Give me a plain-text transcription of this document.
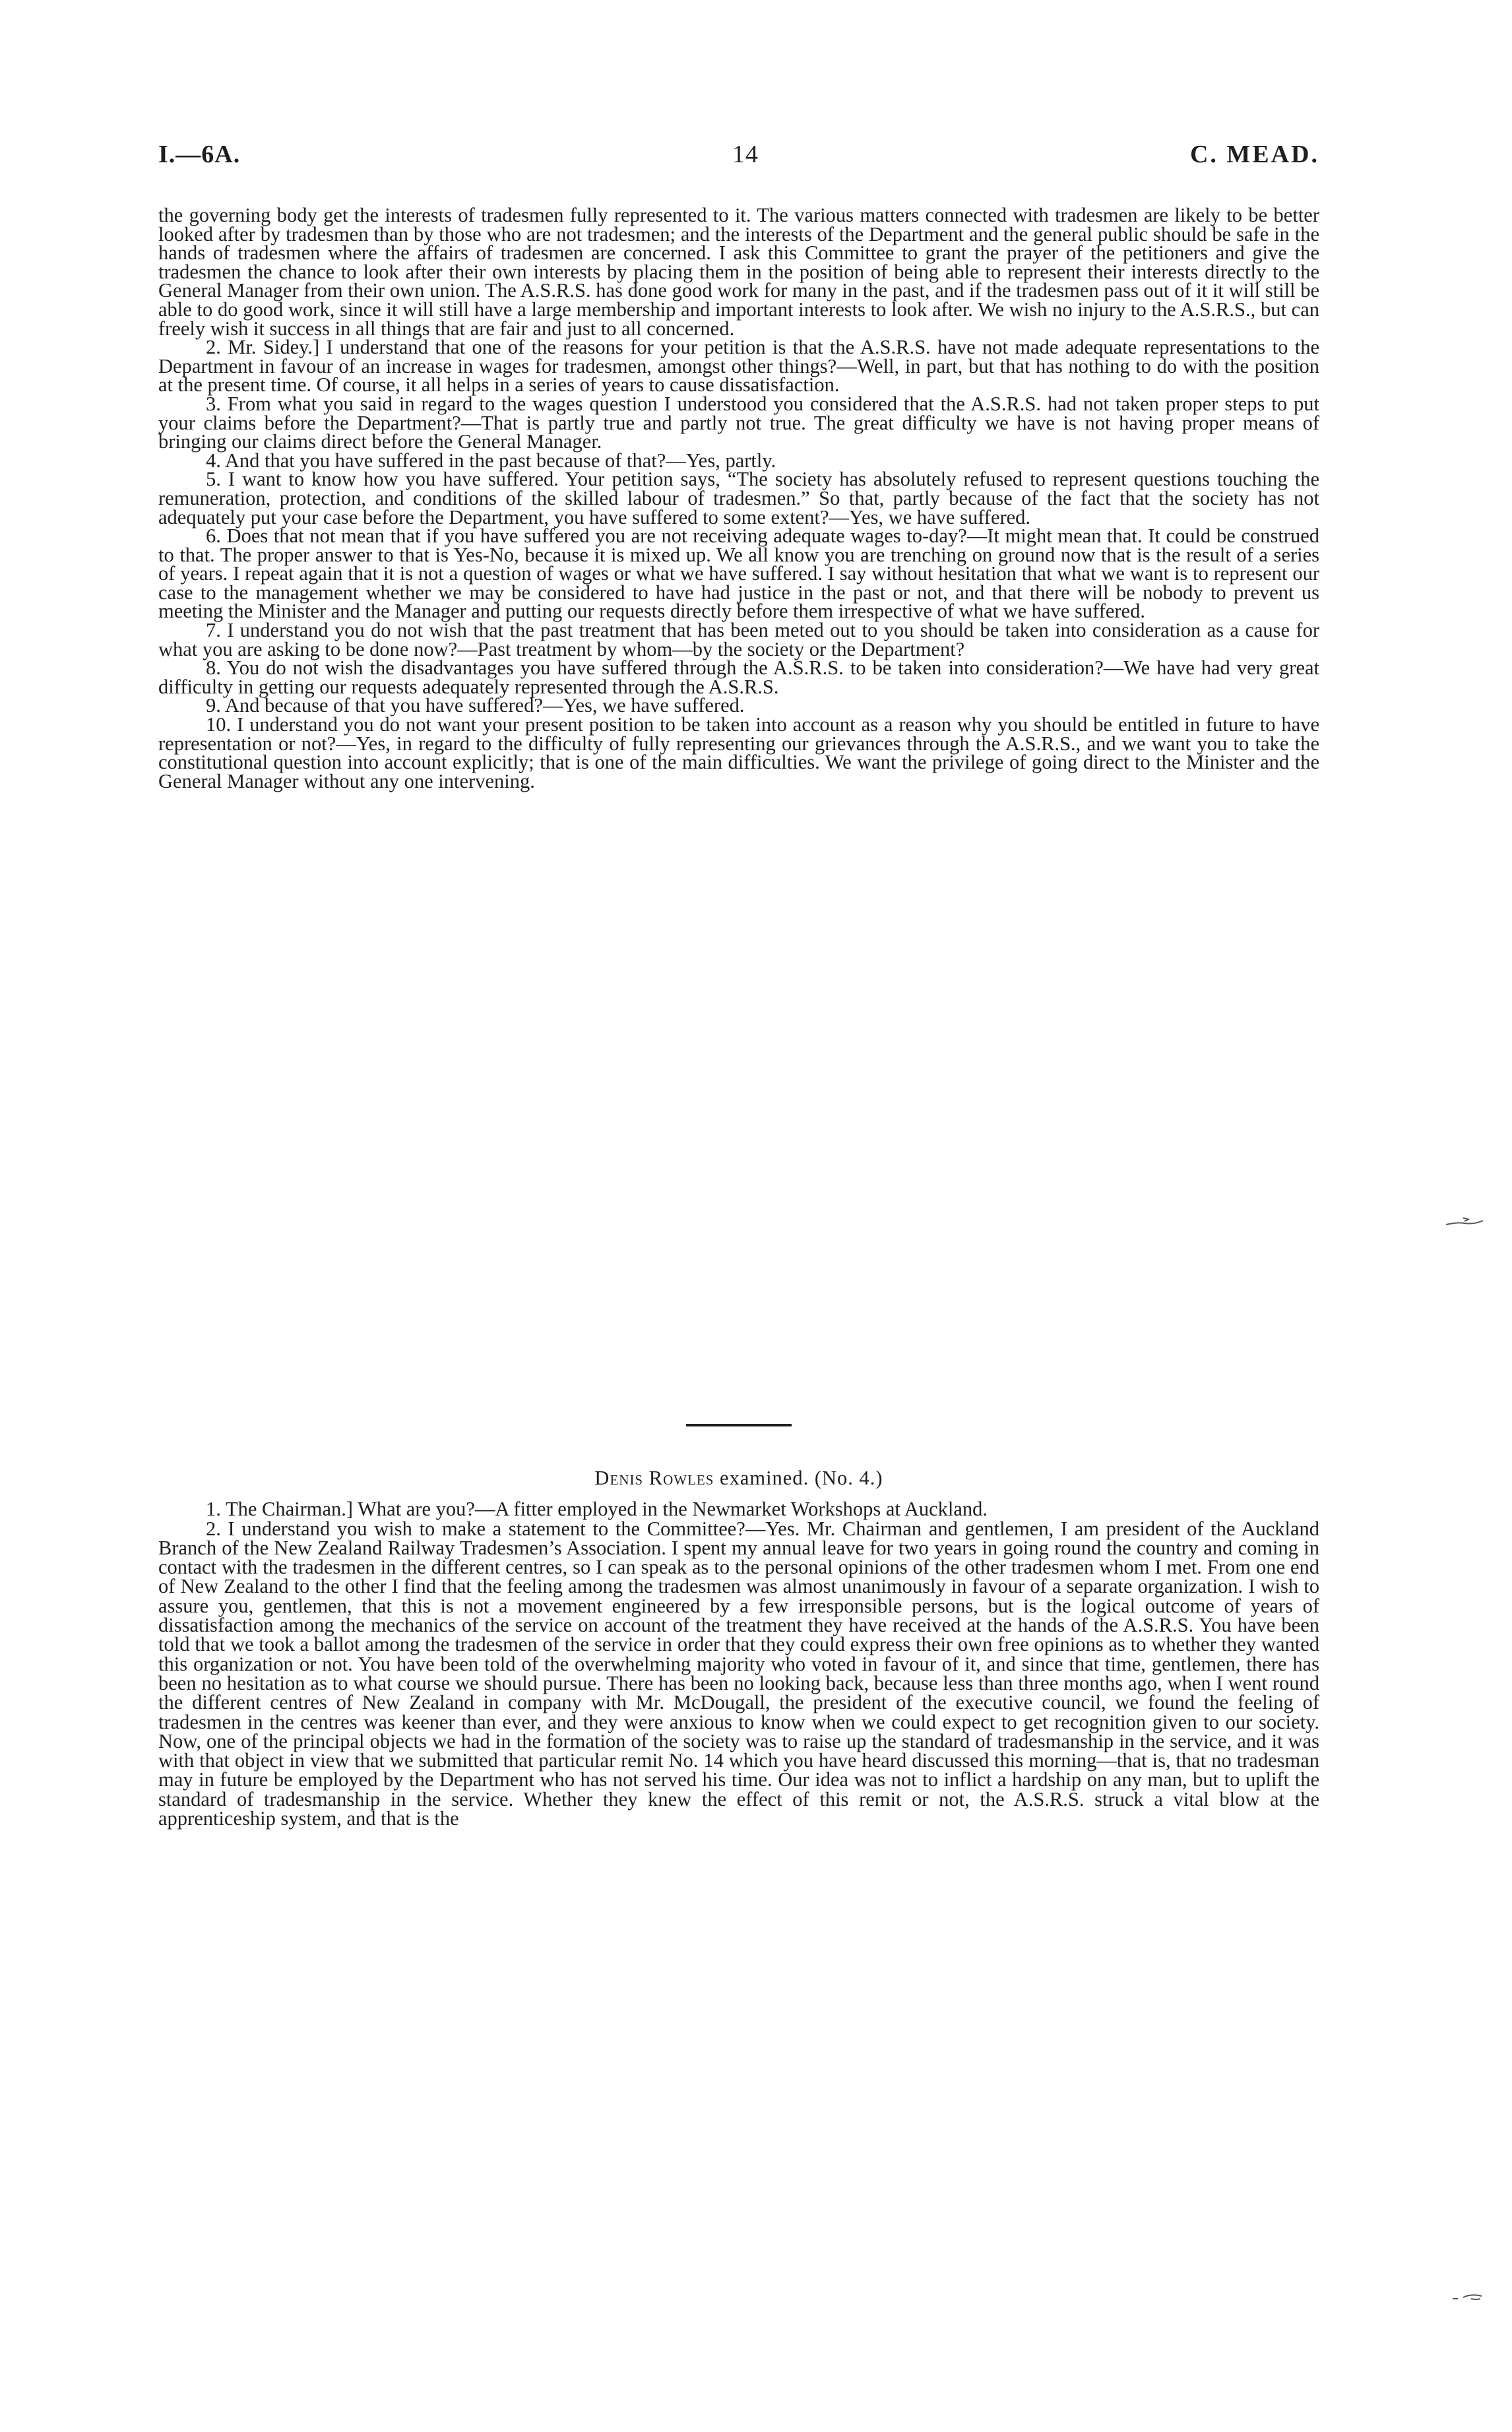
I.—6A.	14	C. MEAD.

the governing body get the interests of tradesmen fully represented to it. The various matters connected with tradesmen are likely to be better looked after by tradesmen than by those who are not tradesmen; and the interests of the Department and the general public should be safe in the hands of tradesmen where the affairs of tradesmen are concerned. I ask this Committee to grant the prayer of the petitioners and give the tradesmen the chance to look after their own interests by placing them in the position of being able to represent their interests directly to the General Manager from their own union. The A.S.R.S. has done good work for many in the past, and if the tradesmen pass out of it it will still be able to do good work, since it will still have a large membership and important interests to look after. We wish no injury to the A.S.R.S., but can freely wish it success in all things that are fair and just to all concerned.

2. Mr. Sidey.] I understand that one of the reasons for your petition is that the A.S.R.S. have not made adequate representations to the Department in favour of an increase in wages for tradesmen, amongst other things?—Well, in part, but that has nothing to do with the position at the present time. Of course, it all helps in a series of years to cause dissatisfaction.

3. From what you said in regard to the wages question I understood you considered that the A.S.R.S. had not taken proper steps to put your claims before the Department?—That is partly true and partly not true. The great difficulty we have is not having proper means of bringing our claims direct before the General Manager.

4. And that you have suffered in the past because of that?—Yes, partly.

5. I want to know how you have suffered. Your petition says, “The society has absolutely refused to represent questions touching the remuneration, protection, and conditions of the skilled labour of tradesmen.” So that, partly because of the fact that the society has not adequately put your case before the Department, you have suffered to some extent?—Yes, we have suffered.

6. Does that not mean that if you have suffered you are not receiving adequate wages to-day?—It might mean that. It could be construed to that. The proper answer to that is Yes-No, because it is mixed up. We all know you are trenching on ground now that is the result of a series of years. I repeat again that it is not a question of wages or what we have suffered. I say without hesitation that what we want is to represent our case to the management whether we may be considered to have had justice in the past or not, and that there will be nobody to prevent us meeting the Minister and the Manager and putting our requests directly before them irrespective of what we have suffered.

7. I understand you do not wish that the past treatment that has been meted out to you should be taken into consideration as a cause for what you are asking to be done now?—Past treatment by whom—by the society or the Department?

8. You do not wish the disadvantages you have suffered through the A.S.R.S. to be taken into consideration?—We have had very great difficulty in getting our requests adequately represented through the A.S.R.S.

9. And because of that you have suffered?—Yes, we have suffered.

10. I understand you do not want your present position to be taken into account as a reason why you should be entitled in future to have representation or not?—Yes, in regard to the difficulty of fully representing our grievances through the A.S.R.S., and we want you to take the constitutional question into account explicitly; that is one of the main difficulties. We want the privilege of going direct to the Minister and the General Manager without any one intervening.

Denis Rowles examined. (No. 4.)

1. The Chairman.] What are you?—A fitter employed in the Newmarket Workshops at Auckland.

2. I understand you wish to make a statement to the Committee?—Yes. Mr. Chairman and gentlemen, I am president of the Auckland Branch of the New Zealand Railway Tradesmen’s Association. I spent my annual leave for two years in going round the country and coming in contact with the tradesmen in the different centres, so I can speak as to the personal opinions of the other tradesmen whom I met. From one end of New Zealand to the other I find that the feeling among the tradesmen was almost unanimously in favour of a separate organization. I wish to assure you, gentlemen, that this is not a movement engineered by a few irresponsible persons, but is the logical outcome of years of dissatisfaction among the mechanics of the service on account of the treatment they have received at the hands of the A.S.R.S. You have been told that we took a ballot among the tradesmen of the service in order that they could express their own free opinions as to whether they wanted this organization or not. You have been told of the overwhelming majority who voted in favour of it, and since that time, gentlemen, there has been no hesitation as to what course we should pursue. There has been no looking back, because less than three months ago, when I went round the different centres of New Zealand in company with Mr. McDougall, the president of the executive council, we found the feeling of tradesmen in the centres was keener than ever, and they were anxious to know when we could expect to get recognition given to our society. Now, one of the principal objects we had in the formation of the society was to raise up the standard of tradesmanship in the service, and it was with that object in view that we submitted that particular remit No. 14 which you have heard discussed this morning—that is, that no tradesman may in future be employed by the Department who has not served his time. Our idea was not to inflict a hardship on any man, but to uplift the standard of tradesmanship in the service. Whether they knew the effect of this remit or not, the A.S.R.S. struck a vital blow at the apprenticeship system, and that is the
